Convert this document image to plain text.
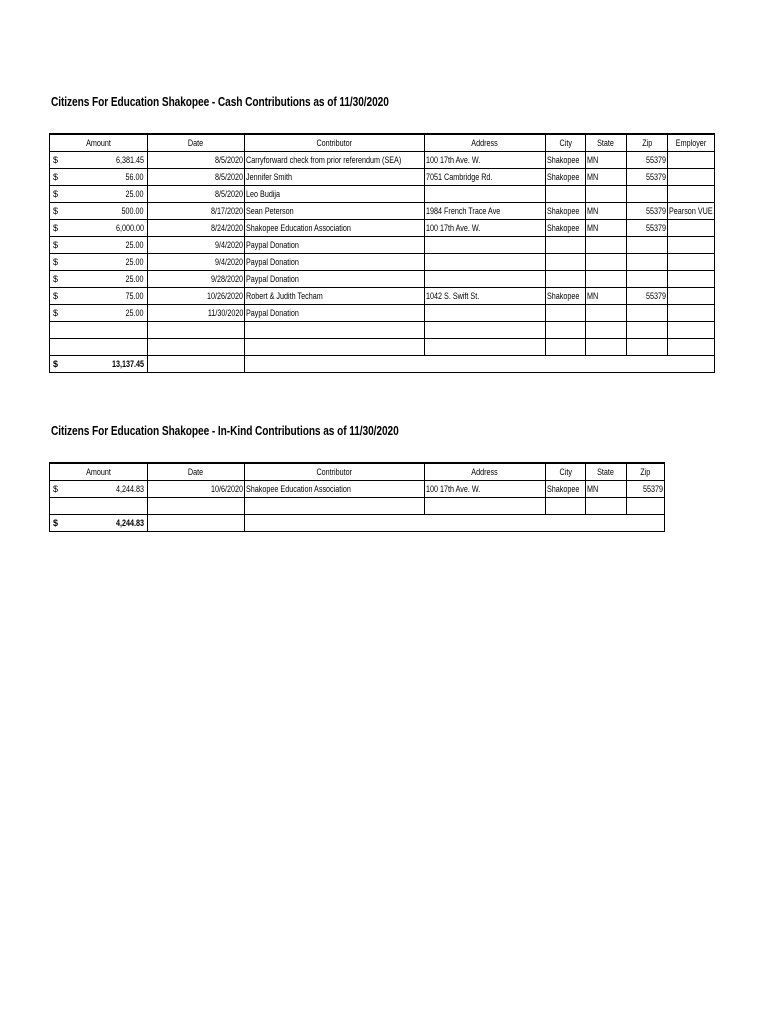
Citizens For Education Shakopee - Cash Contributions as of 11/30/2020
Amount	Date	Contributor	Address	City	State	Zip	Employer

$ 6,381.45	8/5/2020	Carryforward check from prior referendum (SEA)	100 17th Ave. W.	Shakopee	MN	55379	

$ 56.00	8/5/2020	Jennifer Smith	7051 Cambridge Rd.	Shakopee	MN	55379	

$ 25.00	8/5/2020	Leo Budija					

$ 500.00	8/17/2020	Sean Peterson	1984 French Trace Ave	Shakopee	MN	55379	Pearson VUE

$ 6,000.00	8/24/2020	Shakopee Education Association	100 17th Ave. W.	Shakopee	MN	55379	

$ 25.00	9/4/2020	Paypal Donation					

$ 25.00	9/4/2020	Paypal Donation					

$ 25.00	9/28/2020	Paypal Donation					

$ 75.00	10/26/2020	Robert & Judith Techam	1042 S. Swift St.	Shakopee	MN	55379	

$ 25.00	11/30/2020	Paypal Donation					

$ 13,137.45							

Citizens For Education Shakopee - In-Kind Contributions as of 11/30/2020
Amount	Date	Contributor	Address	City	State	Zip

$ 4,244.83	10/6/2020	Shakopee Education Association	100 17th Ave. W.	Shakopee	MN	55379

$ 4,244.83						
